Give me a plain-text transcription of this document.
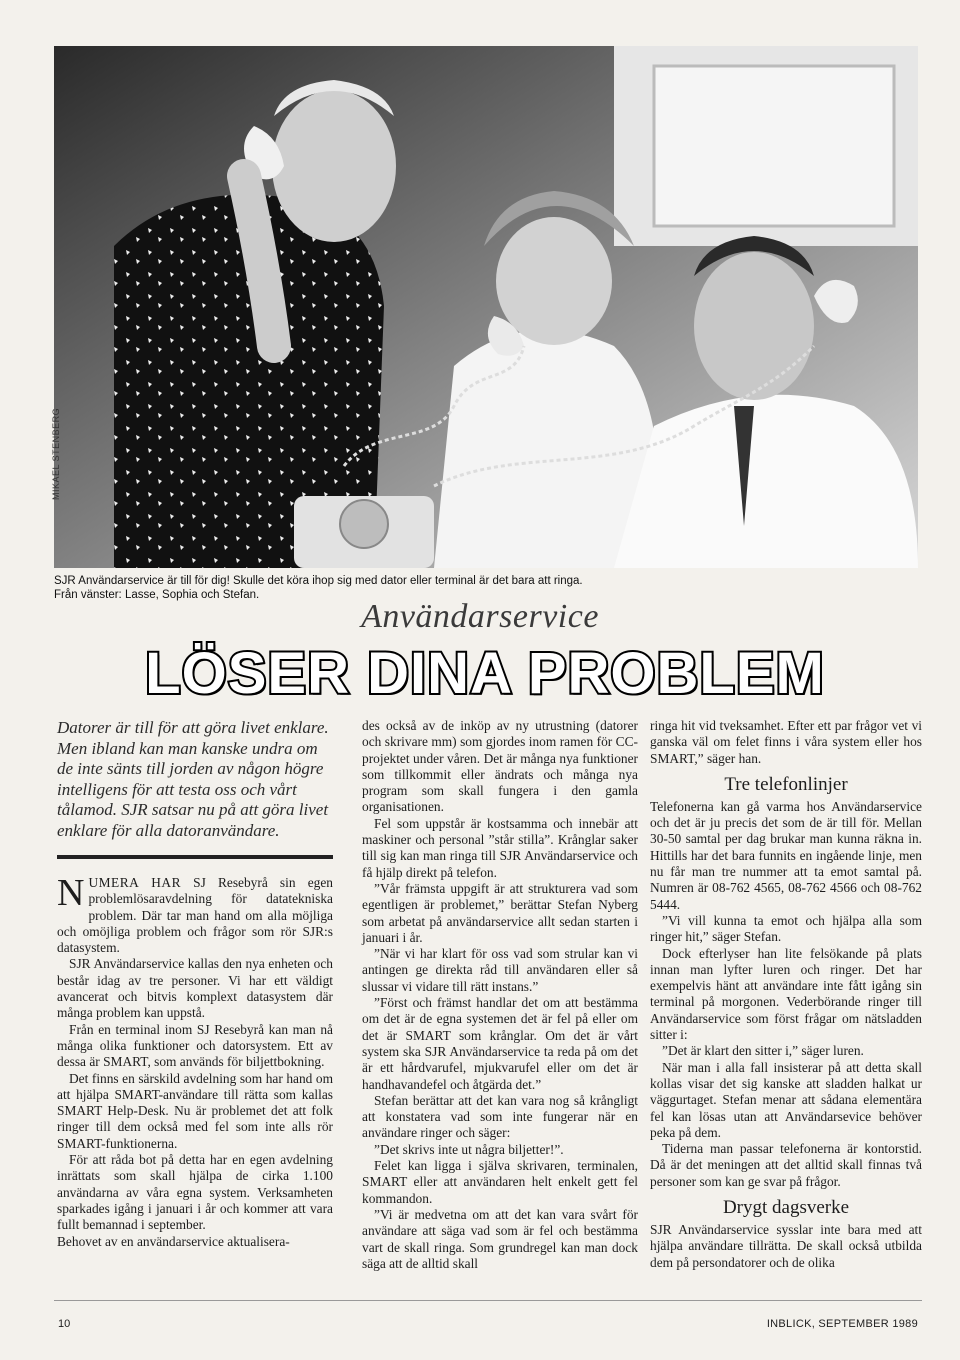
MIKAEL STENBERG
SJR Användarservice är till för dig! Skulle det köra ihop sig med dator eller terminal är det bara att ringa.
Från vänster: Lasse, Sophia och Stefan.
Användarservice
LÖSER DINA PROBLEM
Datorer är till för att göra livet enklare. Men ibland kan man kanske undra om de inte sänts till jorden av någon högre intelligens för att testa oss och vårt tålamod. SJR satsar nu på att göra livet enklare för alla datoranvändare.

NUMERA HAR SJ Resebyrå sin egen problemlösaravdelning för datatekniska problem. Där tar man hand om alla möjliga och omöjliga problem och frågor som rör SJR:s datasystem.

SJR Användarservice kallas den nya enheten och består idag av tre personer. Vi har ett väldigt avancerat och bitvis komplext datasystem där många problem kan uppstå.

Från en terminal inom SJ Resebyrå kan man nå många olika funktioner och datorsystem. Ett av dessa är SMART, som används för biljettbokning.

Det finns en särskild avdelning som har hand om att hjälpa SMART-användare till rätta som kallas SMART Help-Desk. Nu är problemet det att folk ringer till dem också med fel som inte alls rör SMART-funktionerna.

För att råda bot på detta har en egen avdelning inrättats som skall hjälpa de cirka 1.100 användarna av våra egna system. Verksamheten sparkades igång i januari i år och kommer att vara fullt bemannad i september.

Behovet av en användarservice aktualisera-

des också av de inköp av ny utrustning (datorer och skrivare mm) som gjordes inom ramen för CC-projektet under våren. Det är många nya funktioner som tillkommit eller ändrats och många nya program som skall fungera i den gamla organisationen.

Fel som uppstår är kostsamma och innebär att maskiner och personal ”står stilla”. Krånglar saker till sig kan man ringa till SJR Användarservice och få hjälp direkt på telefon.

”Vår främsta uppgift är att strukturera vad som egentligen är problemet,” berättar Stefan Nyberg som arbetat på användarservice allt sedan starten i januari i år.

”När vi har klart för oss vad som strular kan vi antingen ge direkta råd till användaren eller så slussar vi vidare till rätt instans.”

”Först och främst handlar det om att bestämma om det är de egna systemen det är fel på eller om det är SMART som krånglar. Om det är vårt system ska SJR Användarservice ta reda på om det är ett hårdvarufel, mjukvarufel eller om det är handhavandefel och åtgärda det.”

Stefan berättar att det kan vara nog så krångligt att konstatera vad som inte fungerar när en användare ringer och säger:

”Det skrivs inte ut några biljetter!”.

Felet kan ligga i själva skrivaren, terminalen, SMART eller att användaren helt enkelt gett fel kommandon.

”Vi är medvetna om att det kan vara svårt för användare att säga vad som är fel och bestämma vart de skall ringa. Som grundregel kan man dock säga att de alltid skall

ringa hit vid tveksamhet. Efter ett par frågor vet vi ganska väl om felet finns i våra system eller hos SMART,” säger han.

Tre telefonlinjer

Telefonerna kan gå varma hos Användarservice och det är ju precis det som de är till för. Mellan 30-50 samtal per dag brukar man kunna räkna in. Hittills har det bara funnits en ingående linje, men nu får man tre nummer att ta emot samtal på. Numren är 08-762 4565, 08-762 4566 och 08-762 5444.

”Vi vill kunna ta emot och hjälpa alla som ringer hit,” säger Stefan.

Dock efterlyser han lite felsökande på plats innan man lyfter luren och ringer. Det har exempelvis hänt att användare inte fått igång sin terminal på morgonen. Vederbörande ringer till Användarservice som först frågar om nätsladden sitter i:

”Det är klart den sitter i,” säger luren.

När man i alla fall insisterar på att detta skall kollas visar det sig kanske att sladden halkat ur väggurtaget. Stefan menar att sådana elementära fel kan lösas utan att Användarsevice behöver peka på dem.

Tiderna man passar telefonerna är kontorstid. Då är det meningen att det alltid skall finnas två personer som kan ge svar på frågor.

Drygt dagsverke

SJR Användarservice sysslar inte bara med att hjälpa användare tillrätta. De skall också utbilda dem på persondatorer och de olika

10	INBLICK, SEPTEMBER 1989
